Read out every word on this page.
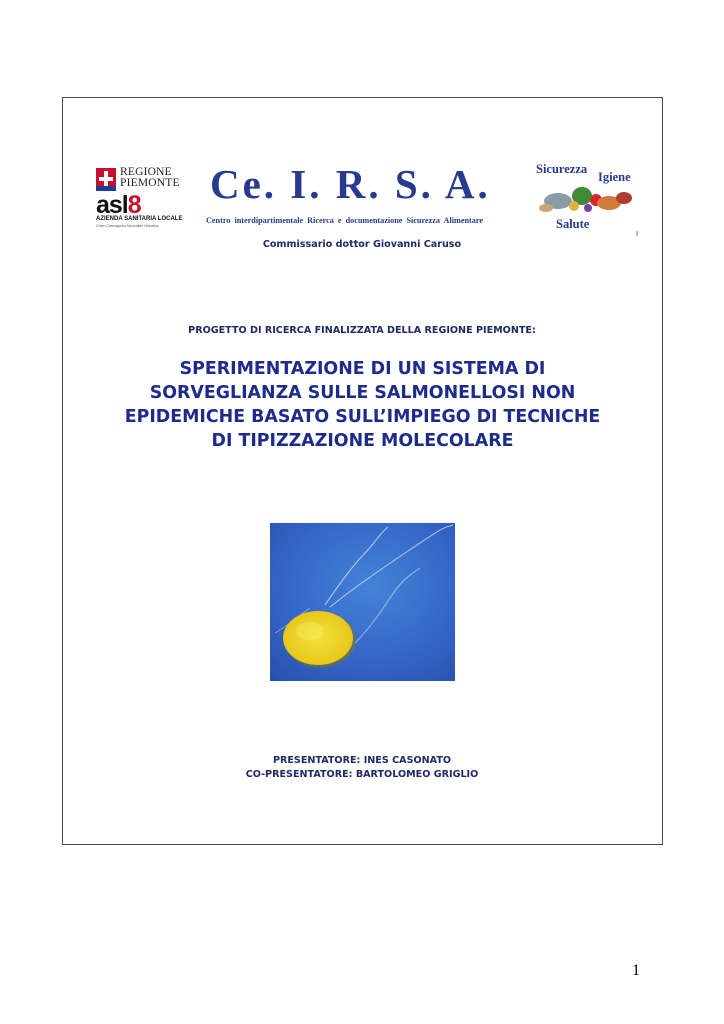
REGIONE PIEMONTE
asl8
AZIENDA SANITARIA LOCALE
Chieri Carmagnola Moncalieri Nichelino
Ce. I. R. S. A.
Centro interdipartimentale Ricerca e documentazione Sicurezza Alimentare
Sicurezza
Igiene
Salute
I
Commissario dottor Giovanni Caruso
PROGETTO DI RICERCA FINALIZZATA DELLA REGIONE PIEMONTE:
SPERIMENTAZIONE DI UN SISTEMA DI
SORVEGLIANZA SULLE SALMONELLOSI NON
EPIDEMICHE BASATO SULL’IMPIEGO DI TECNICHE
DI TIPIZZAZIONE MOLECOLARE
PRESENTATORE: INES CASONATO
CO-PRESENTATORE: BARTOLOMEO GRIGLIO
1
